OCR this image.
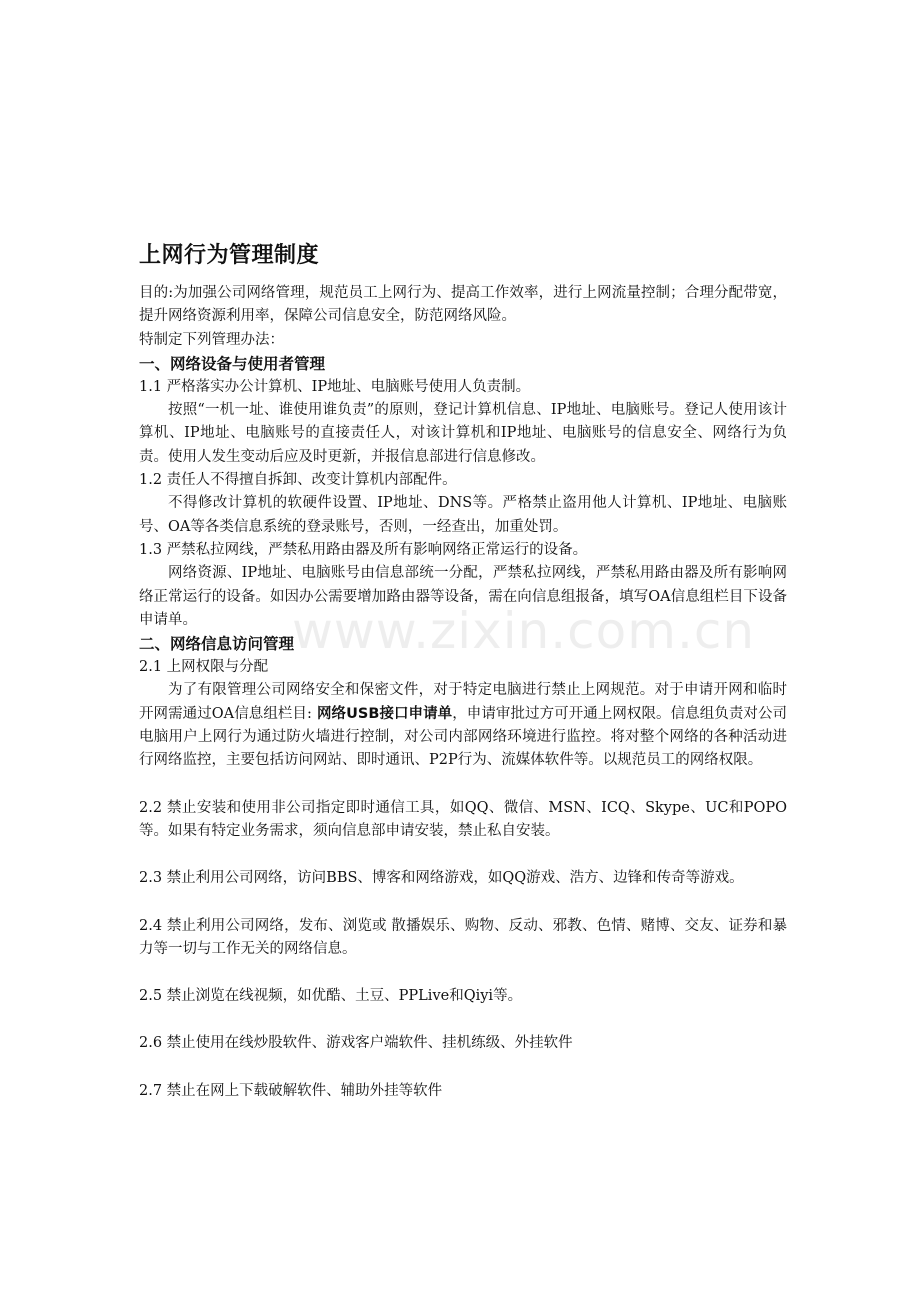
上网行为管理制度

目的:为加强公司网络管理，规范员工上网行为、提高工作效率，进行上网流量控制；合理分配带宽，提升网络资源利用率，保障公司信息安全，防范网络风险。

特制定下列管理办法：

一、网络设备与使用者管理

1.1 严格落实办公计算机、IP地址、电脑账号使用人负责制。

按照“一机一址、谁使用谁负责”的原则，登记计算机信息、IP地址、电脑账号。登记人使用该计算机、IP地址、电脑账号的直接责任人，对该计算机和IP地址、电脑账号的信息安全、网络行为负责。使用人发生变动后应及时更新，并报信息部进行信息修改。

1.2 责任人不得擅自拆卸、改变计算机内部配件。

不得修改计算机的软硬件设置、IP地址、DNS等。严格禁止盗用他人计算机、IP地址、电脑账号、OA等各类信息系统的登录账号，否则，一经查出，加重处罚。

1.3 严禁私拉网线，严禁私用路由器及所有影响网络正常运行的设备。

网络资源、IP地址、电脑账号由信息部统一分配，严禁私拉网线，严禁私用路由器及所有影响网络正常运行的设备。如因办公需要增加路由器等设备，需在向信息组报备，填写OA信息组栏目下设备申请单。

二、网络信息访问管理

2.1 上网权限与分配

为了有限管理公司网络安全和保密文件，对于特定电脑进行禁止上网规范。对于申请开网和临时开网需通过OA信息组栏目: 网络USB接口申请单，申请审批过方可开通上网权限。信息组负责对公司电脑用户上网行为通过防火墙进行控制，对公司内部网络环境进行监控。将对整个网络的各种活动进行网络监控，主要包括访问网站、即时通讯、P2P行为、流媒体软件等。以规范员工的网络权限。

2.2 禁止安装和使用非公司指定即时通信工具，如QQ、微信、MSN、ICQ、Skype、UC和POPO等。如果有特定业务需求，须向信息部申请安装，禁止私自安装。

2.3 禁止利用公司网络，访问BBS、博客和网络游戏，如QQ游戏、浩方、边锋和传奇等游戏。

2.4 禁止利用公司网络，发布、浏览或 散播娱乐、购物、反动、邪教、色情、赌博、交友、证券和暴力等一切与工作无关的网络信息。

2.5 禁止浏览在线视频，如优酷、土豆、PPLive和Qiyi等。

2.6 禁止使用在线炒股软件、游戏客户端软件、挂机练级、外挂软件

2.7 禁止在网上下载破解软件、辅助外挂等软件

www.zixin.com.cn
